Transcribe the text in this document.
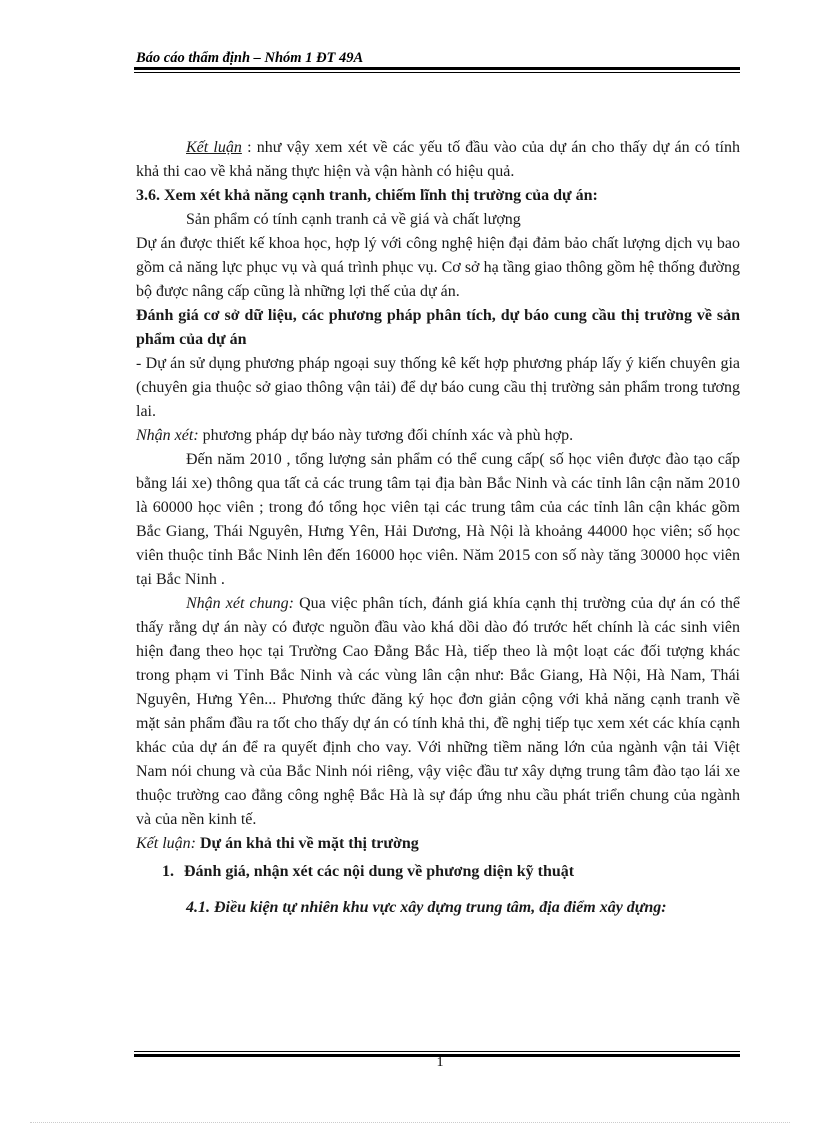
Báo cáo thẩm định – Nhóm 1 ĐT 49A

Kết luận : như vậy xem xét về các yếu tố đầu vào của dự án cho thấy dự án có tính khả thi cao về khả năng thực hiện và vận hành có hiệu quả.

3.6. Xem xét khả năng cạnh tranh, chiếm lĩnh thị trường của dự án:

Sản phẩm có tính cạnh tranh cả về giá và chất lượng

Dự án được thiết kế khoa học, hợp lý với công nghệ hiện đại đảm bảo chất lượng dịch vụ bao gồm cả năng lực phục vụ và quá trình phục vụ. Cơ sở hạ tầng giao thông gồm hệ thống đường bộ được nâng cấp cũng là những lợi thế của dự án.

Đánh giá cơ sở dữ liệu, các phương pháp phân tích, dự báo cung cầu thị trường về sản phẩm của dự án

- Dự án sử dụng phương pháp ngoại suy thống kê kết hợp phương pháp lấy ý kiến chuyên gia (chuyên gia thuộc sở giao thông vận tải) để dự báo cung cầu thị trường sản phẩm trong tương lai.

Nhận xét: phương pháp dự báo này tương đối chính xác và phù hợp.

Đến năm 2010 , tổng lượng sản phẩm có thể cung cấp( số học viên được đào tạo cấp bằng lái xe) thông qua tất cả các trung tâm tại địa bàn Bắc Ninh và các tỉnh lân cận năm 2010 là 60000 học viên ; trong đó tổng học viên tại các trung tâm của các tỉnh lân cận khác gồm Bắc Giang, Thái Nguyên, Hưng Yên, Hải Dương, Hà Nội là khoảng 44000 học viên; số học viên thuộc tỉnh Bắc Ninh lên đến 16000 học viên. Năm 2015 con số này tăng 30000 học viên tại Bắc Ninh .

Nhận xét chung: Qua việc phân tích, đánh giá khía cạnh thị trường của dự án có thể thấy rằng dự án này có được nguồn đầu vào khá dồi dào đó trước hết chính là các sinh viên hiện đang theo học tại Trường Cao Đẳng Bắc Hà, tiếp theo là một loạt các đối tượng khác trong phạm vi Tỉnh Bắc Ninh và các vùng lân cận như: Bắc Giang, Hà Nội, Hà Nam, Thái Nguyên, Hưng Yên... Phương thức đăng ký học đơn giản cộng với khả năng cạnh tranh về mặt sản phẩm đầu ra tốt cho thấy dự án có tính khả thi, đề nghị tiếp tục xem xét các khía cạnh khác của dự án để ra quyết định cho vay. Với những tiềm năng lớn của ngành vận tải Việt Nam nói chung và của Bắc Ninh nói riêng, vậy việc đầu tư xây dựng trung tâm đào tạo lái xe thuộc trường cao đẳng công nghệ Bắc Hà là sự đáp ứng nhu cầu phát triển chung của ngành và của nền kinh tế.

Kết luận: Dự án khả thi về mặt thị trường

1. Đánh giá, nhận xét các nội dung về phương diện kỹ thuật

4.1. Điều kiện tự nhiên khu vực xây dựng trung tâm, địa điểm xây dựng:

1
